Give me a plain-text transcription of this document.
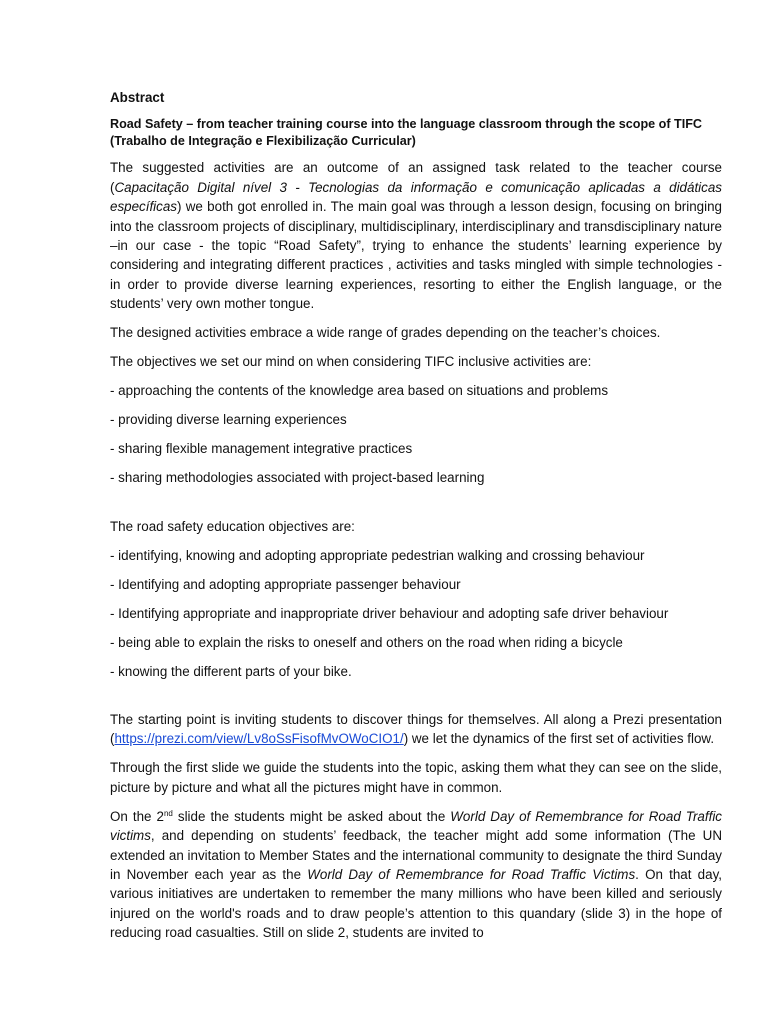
Abstract

Road Safety – from teacher training course into the language classroom through the scope of TIFC
(Trabalho de Integração e Flexibilização Curricular)

The suggested activities are an outcome of an assigned task related to the teacher course (Capacitação Digital nível 3 - Tecnologias da informação e comunicação aplicadas a didáticas específicas) we both got enrolled in. The main goal was through a lesson design, focusing on bringing into the classroom projects of disciplinary, multidisciplinary, interdisciplinary and transdisciplinary nature –in our case - the topic “Road Safety”, trying to enhance the students’ learning experience by considering and integrating different practices , activities and tasks mingled with simple technologies - in order to provide diverse learning experiences, resorting to either the English language, or the students’ very own mother tongue.

The designed activities embrace a wide range of grades depending on the teacher’s choices.

The objectives we set our mind on when considering TIFC inclusive activities are:

- approaching the contents of the knowledge area based on situations and problems

- providing diverse learning experiences

- sharing flexible management integrative practices

- sharing methodologies associated with project-based learning

The road safety education objectives are:

- identifying, knowing and adopting appropriate pedestrian walking and crossing behaviour

- Identifying and adopting appropriate passenger behaviour

- Identifying appropriate and inappropriate driver behaviour and adopting safe driver behaviour

- being able to explain the risks to oneself and others on the road when riding a bicycle

- knowing the different parts of your bike.

The starting point is inviting students to discover things for themselves. All along a Prezi presentation (https://prezi.com/view/Lv8oSsFisofMvOWoCIO1/) we let the dynamics of the first set of activities flow.

Through the first slide we guide the students into the topic, asking them what they can see on the slide, picture by picture and what all the pictures might have in common.

On the 2nd slide the students might be asked about the World Day of Remembrance for Road Traffic victims, and depending on students’ feedback, the teacher might add some information (The UN extended an invitation to Member States and the international community to designate the third Sunday in November each year as the World Day of Remembrance for Road Traffic Victims. On that day, various initiatives are undertaken to remember the many millions who have been killed and seriously injured on the world's roads and to draw people’s attention to this quandary (slide 3) in the hope of reducing road casualties. Still on slide 2, students are invited to
